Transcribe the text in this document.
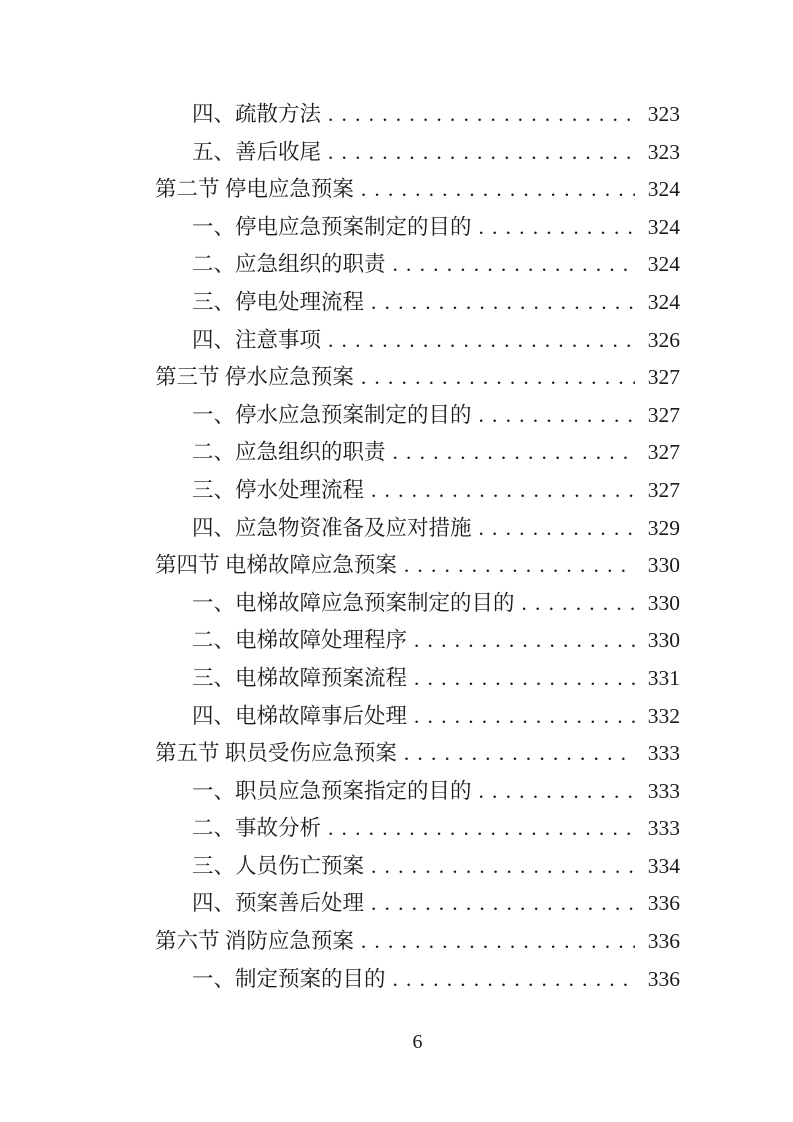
四、疏散方法 .....	323
五、善后收尾 .....	323
第二节 停电应急预案 .....	324
一、停电应急预案制定的目的 .....	324
二、应急组织的职责 .....	324
三、停电处理流程 .....	324
四、注意事项 .....	326
第三节 停水应急预案 .....	327
一、停水应急预案制定的目的 .....	327
二、应急组织的职责 .....	327
三、停水处理流程 .....	327
四、应急物资准备及应对措施 .....	329
第四节 电梯故障应急预案 .....	330
一、电梯故障应急预案制定的目的 .....	330
二、电梯故障处理程序 .....	330
三、电梯故障预案流程 .....	331
四、电梯故障事后处理 .....	332
第五节 职员受伤应急预案 .....	333
一、职员应急预案指定的目的 .....	333
二、事故分析 .....	333
三、人员伤亡预案 .....	334
四、预案善后处理 .....	336
第六节 消防应急预案 .....	336
一、制定预案的目的 .....	336
6
